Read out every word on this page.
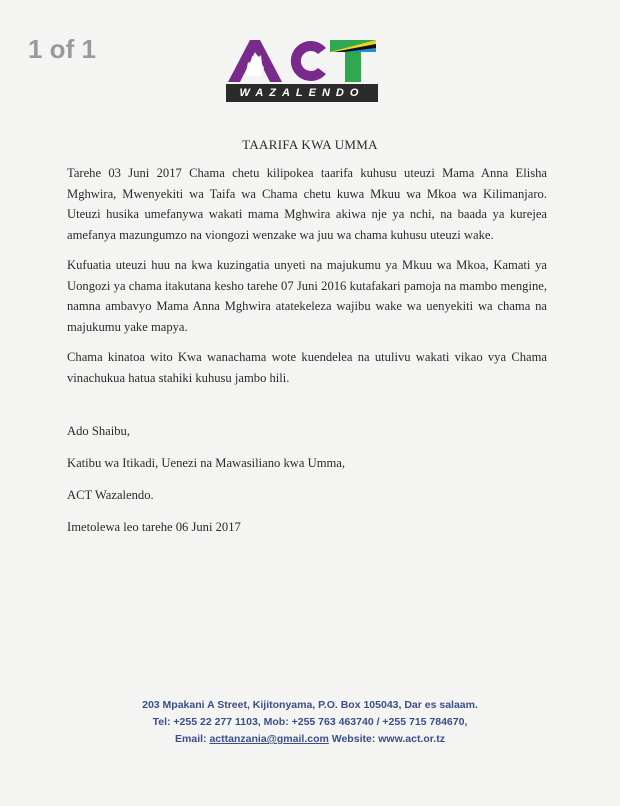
1 of 1
WAZALENDO
TAARIFA KWA UMMA

Tarehe 03 Juni 2017 Chama chetu kilipokea taarifa kuhusu uteuzi Mama Anna Elisha Mghwira, Mwenyekiti wa Taifa wa Chama chetu kuwa Mkuu wa Mkoa wa Kilimanjaro. Uteuzi husika umefanywa wakati mama Mghwira akiwa nje ya nchi, na baada ya kurejea amefanya mazungumzo na viongozi wenzake wa juu wa chama kuhusu uteuzi wake.

Kufuatia uteuzi huu na kwa kuzingatia unyeti na majukumu ya Mkuu wa Mkoa, Kamati ya Uongozi ya chama itakutana kesho tarehe 07 Juni 2016 kutafakari pamoja na mambo mengine, namna ambavyo Mama Anna Mghwira atatekeleza wajibu wake wa uenyekiti wa chama na majukumu yake mapya.

Chama kinatoa wito Kwa wanachama wote kuendelea na utulivu wakati vikao vya Chama vinachukua hatua stahiki kuhusu jambo hili.

Ado Shaibu,
Katibu wa Itikadi, Uenezi na Mawasiliano kwa Umma,
ACT Wazalendo.
Imetolewa leo tarehe 06 Juni 2017
203 Mpakani A Street, Kijitonyama, P.O. Box 105043, Dar es salaam.
Tel: +255 22 277 1103, Mob: +255 763 463740 / +255 715 784670,
Email: acttanzania@gmail.com Website: www.act.or.tz
